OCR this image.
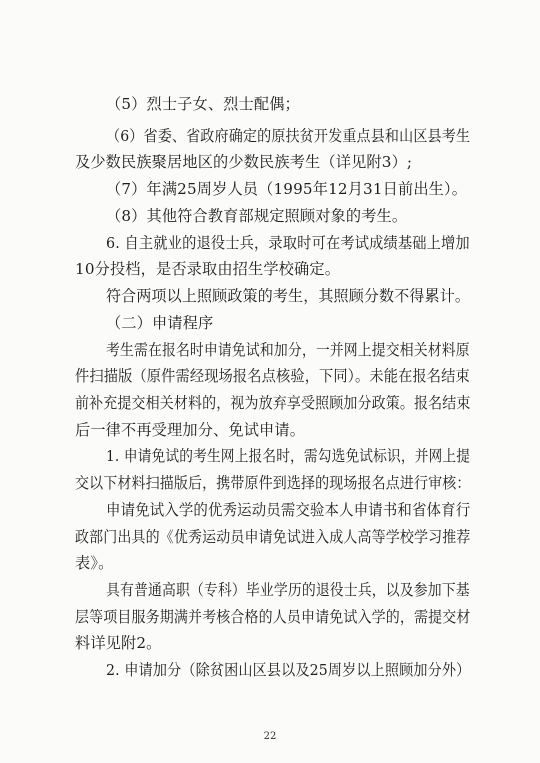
（5）烈士子女、烈士配偶；
（6）省委、省政府确定的原扶贫开发重点县和山区县考生
及少数民族聚居地区的少数民族考生（详见附3）;
（7）年满25周岁人员（1995年12月31日前出生）。
（8）其他符合教育部规定照顾对象的考生。
6. 自主就业的退役士兵，录取时可在考试成绩基础上增加
10分投档，是否录取由招生学校确定。
符合两项以上照顾政策的考生，其照顾分数不得累计。
（二）申请程序
考生需在报名时申请免试和加分，一并网上提交相关材料原
件扫描版（原件需经现场报名点核验，下同）。未能在报名结束
前补充提交相关材料的，视为放弃享受照顾加分政策。报名结束
后一律不再受理加分、免试申请。
1. 申请免试的考生网上报名时，需勾选免试标识，并网上提
交以下材料扫描版后，携带原件到选择的现场报名点进行审核：
申请免试入学的优秀运动员需交验本人申请书和省体育行
政部门出具的《优秀运动员申请免试进入成人高等学校学习推荐
表》。
具有普通高职（专科）毕业学历的退役士兵，以及参加下基
层等项目服务期满并考核合格的人员申请免试入学的，需提交材
料详见附2。
2. 申请加分（除贫困山区县以及25周岁以上照顾加分外）
22
